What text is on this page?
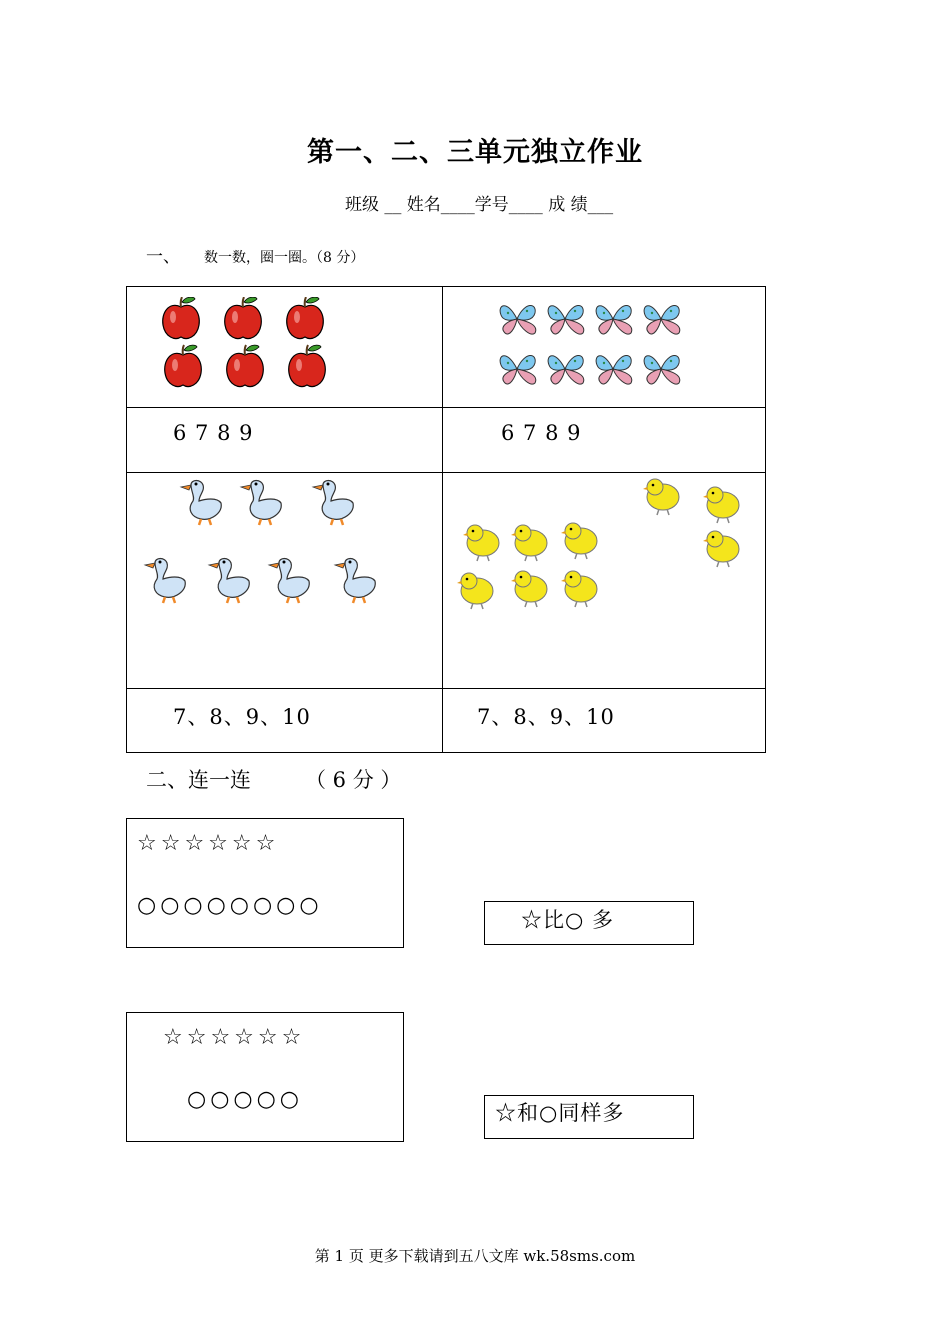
第一、二、三单元独立作业
班级 __ 姓名____学号____ 成 绩___
一、 数一数，圈一圈。（8 分）
6 7 8 9	6 7 8 9
7、8、9、10	7、8、9、10
二、连一连	（ 6 分 ）
☆☆☆☆☆☆
○○○○○○○○
☆☆☆☆☆☆
○○○○○
☆比○ 多
☆和○同样多
第 1 页 更多下载请到五八文库 wk.58sms.com
